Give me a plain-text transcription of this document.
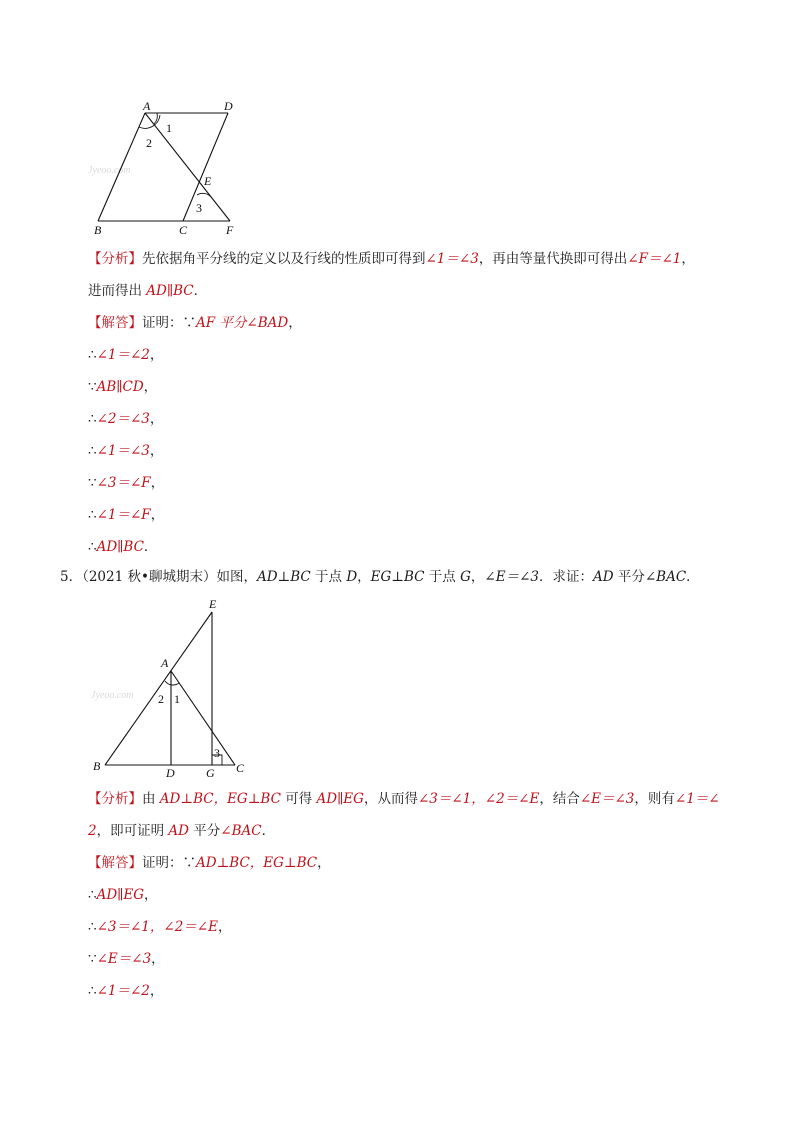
Jyeoo.com
A	D
B	C	F
E
1
2
3
【分析】先依据角平分线的定义以及行线的性质即可得到∠1＝∠3，再由等量代换即可得出∠F＝∠1，
进而得出 AD∥BC．
【解答】证明：∵AF 平分∠BAD，
∴∠1＝∠2，
∵AB∥CD，
∴∠2＝∠3，
∴∠1＝∠3，
∵∠3＝∠F，
∴∠1＝∠F，
∴AD∥BC．
5．（2021 秋•聊城期末）如图，AD⊥BC 于点 D，EG⊥BC 于点 G，∠E＝∠3．求证：AD 平分∠BAC．
Jyeoo.com
E
A
B	D	G C
1
2
3
【分析】由 AD⊥BC，EG⊥BC 可得 AD∥EG，从而得∠3＝∠1，∠2＝∠E，结合∠E＝∠3，则有∠1＝∠
2，即可证明 AD 平分∠BAC．
【解答】证明：∵AD⊥BC，EG⊥BC，
∴AD∥EG，
∴∠3＝∠1，∠2＝∠E，
∵∠E＝∠3，
∴∠1＝∠2，
